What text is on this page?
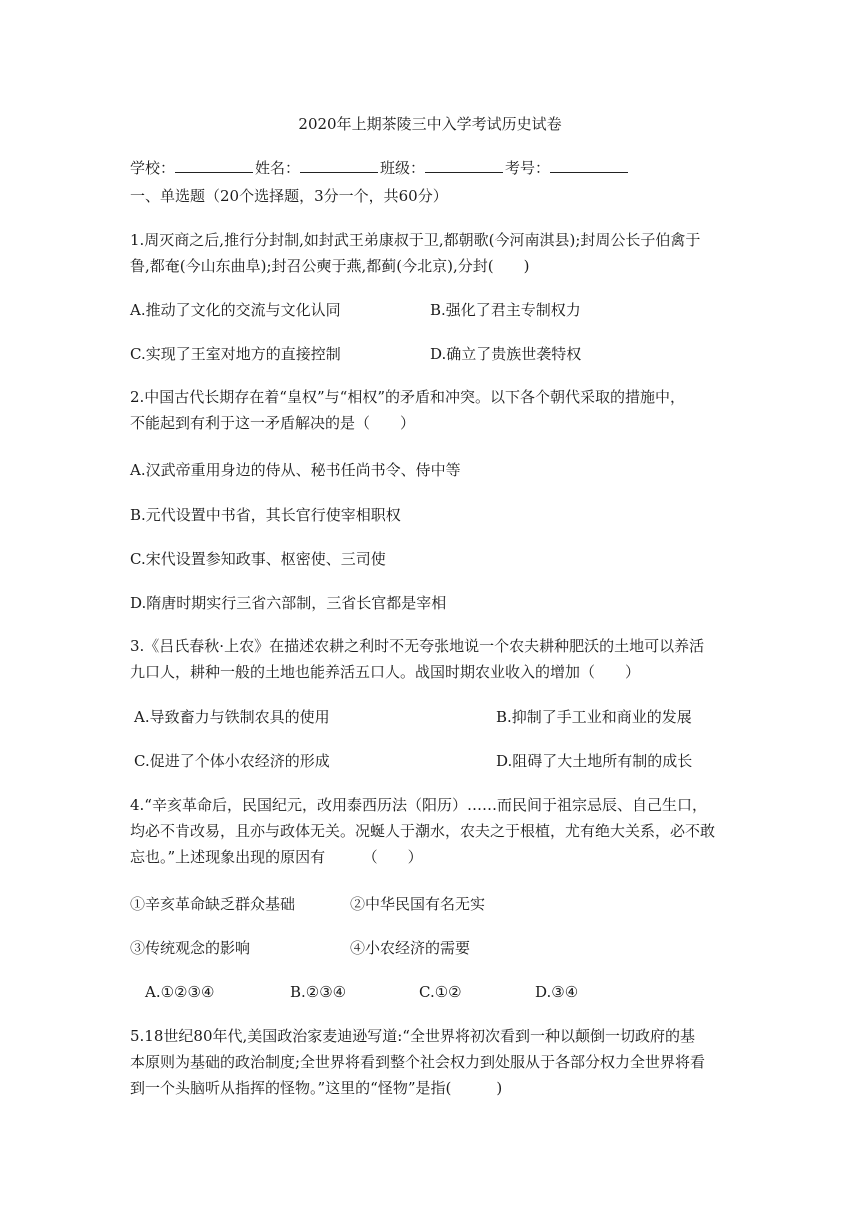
2020年上期茶陵三中入学考试历史试卷
学校：	姓名：	班级：	考号：
一、单选题（20个选择题，3分一个，共60分）
1.周灭商之后,推行分封制,如封武王弟康叔于卫,都朝歌(今河南淇县);封周公长子伯禽于
鲁,都奄(今山东曲阜);封召公奭于燕,都蓟(今北京),分封(　　)
A.推动了文化的交流与文化认同	B.强化了君主专制权力
C.实现了王室对地方的直接控制	D.确立了贵族世袭特权
2.中国古代长期存在着“皇权”与“相权”的矛盾和冲突。以下各个朝代采取的措施中，
不能起到有利于这一矛盾解决的是（　　）
A.汉武帝重用身边的侍从、秘书任尚书令、侍中等
B.元代设置中书省，其长官行使宰相职权
C.宋代设置参知政事、枢密使、三司使
D.隋唐时期实行三省六部制，三省长官都是宰相
3.《吕氏春秋·上农》在描述农耕之利时不无夸张地说一个农夫耕种肥沃的土地可以养活
九口人，耕种一般的土地也能养活五口人。战国时期农业收入的增加（　　）
A.导致畜力与铁制农具的使用	B.抑制了手工业和商业的发展
C.促进了个体小农经济的形成	D.阻碍了大土地所有制的成长
4.“辛亥革命后，民国纪元，改用泰西历法（阳历）……而民间于祖宗忌辰、自己生口，
均必不肯改易，且亦与政体无关。况蜒人于潮水，农夫之于根植，尤有绝大关系，必不敢
忘也。”上述现象出现的原因有　　　（　　）
①辛亥革命缺乏群众基础	②中华民国有名无实
③传统观念的影响	④小农经济的需要
A.①②③④	B.②③④	C.①②	D.③④
5.18世纪80年代,美国政治家麦迪逊写道:“全世界将初次看到一种以颠倒一切政府的基
本原则为基础的政治制度;全世界将看到整个社会权力到处服从于各部分权力全世界将看
到一个头脑听从指挥的怪物。”这里的“怪物”是指(　　　)
